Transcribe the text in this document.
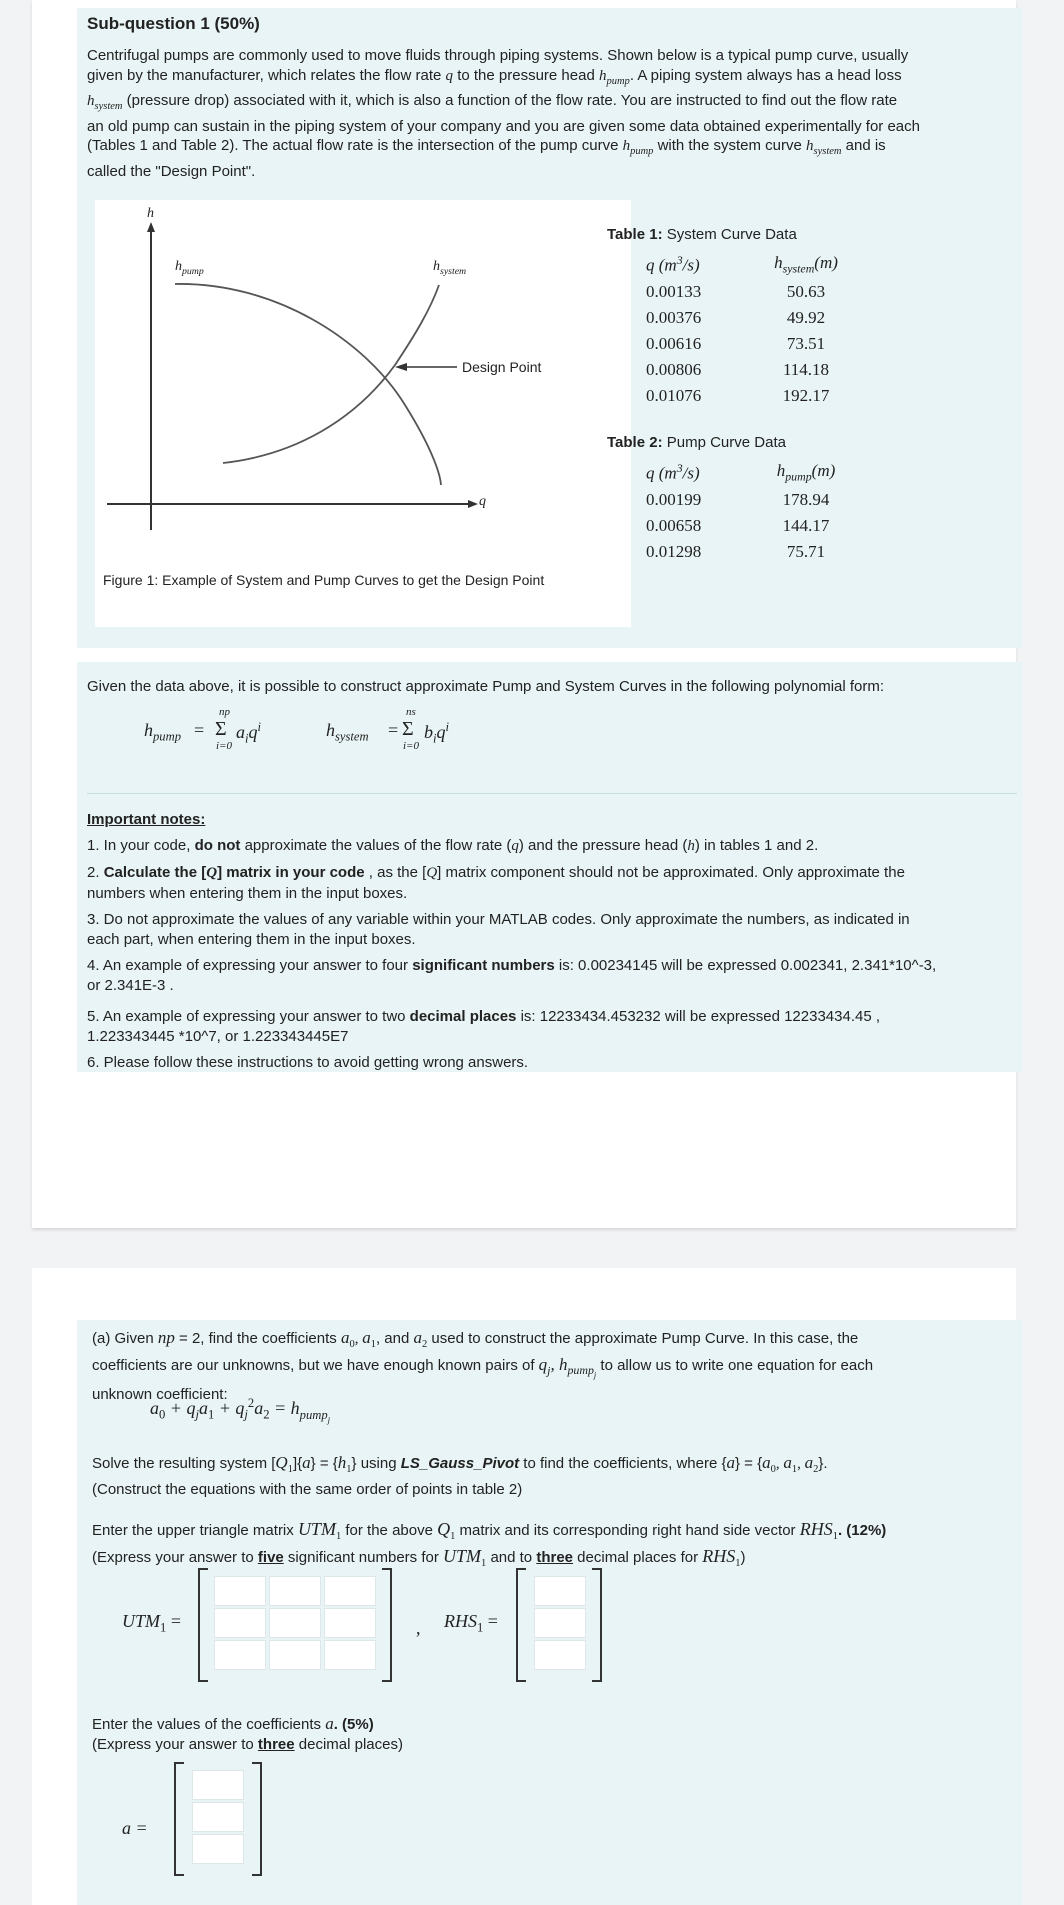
Sub-question 1 (50%)

Centrifugal pumps are commonly used to move fluids through piping systems. Shown below is a typical pump curve, usually

given by the manufacturer, which relates the flow rate q to the pressure head $h_{pump}$. A piping system always has a head loss

$h_{system}$ (pressure drop) associated with it, which is also a function of the flow rate. You are instructed to find out the flow rate

an old pump can sustain in the piping system of your company and you are given some data obtained experimentally for each

(Tables 1 and Table 2). The actual flow rate is the intersection of the pump curve $h_{pump}$ with the system curve $h_{system}$ and is

called the "Design Point".

h
q
$h_{pump}$	$h_{system}$
Design Point
Figure 1: Example of System and Pump Curves to get the Design Point
Table 1: System Curve Data
q $(m^3/s)$	$h_{system}(m)$
0.00133	50.63
0.00376	49.92
0.00616	73.51
0.00806	114.18
0.01076	192.17
Table 2: Pump Curve Data
q $(m^3/s)$	$h_{pump}(m)$
0.00199	178.94
0.00658	144.17
0.01298	75.71

Given the data above, it is possible to construct approximate Pump and System Curves in the following polynomial form:

$h_{pump}$ =
np
Σ
i=0
$a_iq^i$	$h_{system}$ =
ns
Σ
i=0
$b_iq^i$

Important notes:

1. In your code, do not approximate the values of the flow rate (q) and the pressure head (h) in tables 1 and 2.

2. Calculate the [Q] matrix in your code , as the [Q] matrix component should not be approximated. Only approximate the

numbers when entering them in the input boxes.

3. Do not approximate the values of any variable within your MATLAB codes. Only approximate the numbers, as indicated in

each part, when entering them in the input boxes.

4. An example of expressing your answer to four significant numbers is: 0.00234145 will be expressed 0.002341, 2.341*10^-3,

or 2.341E-3 .

5. An example of expressing your answer to two decimal places is: 12233434.453232 will be expressed 12233434.45 ,

1.223343445 *10^7, or 1.223343445E7

6. Please follow these instructions to avoid getting wrong answers.

(a) Given np = 2, find the coefficients $a_0$, $a_1$, and $a_2$ used to construct the approximate Pump Curve. In this case, the

coefficients are our unknowns, but we have enough known pairs of $q_j$, $h_{pump_j}$ to allow us to write one equation for each

unknown coefficient:

$a_0 + q_ja_1 + q_j^2a_2 = h_{pump_j}$

Solve the resulting system $[Q_1]\{a\} = \{h_1\}$ using LS_Gauss_Pivot to find the coefficients, where $\{a\} = \{a_0$, $a_1$, $a_2$}.

(Construct the equations with the same order of points in table 2)

Enter the upper triangle matrix $UTM_1$ for the above $Q_1$ matrix and its corresponding right hand side vector $RHS_1$. (12%)

(Express your answer to five significant numbers for $UTM_1$ and to three decimal places for $RHS_1$)

$UTM_1$ =	, $RHS_1$ =

Enter the values of the coefficients a. (5%)

(Express your answer to three decimal places)

a =
